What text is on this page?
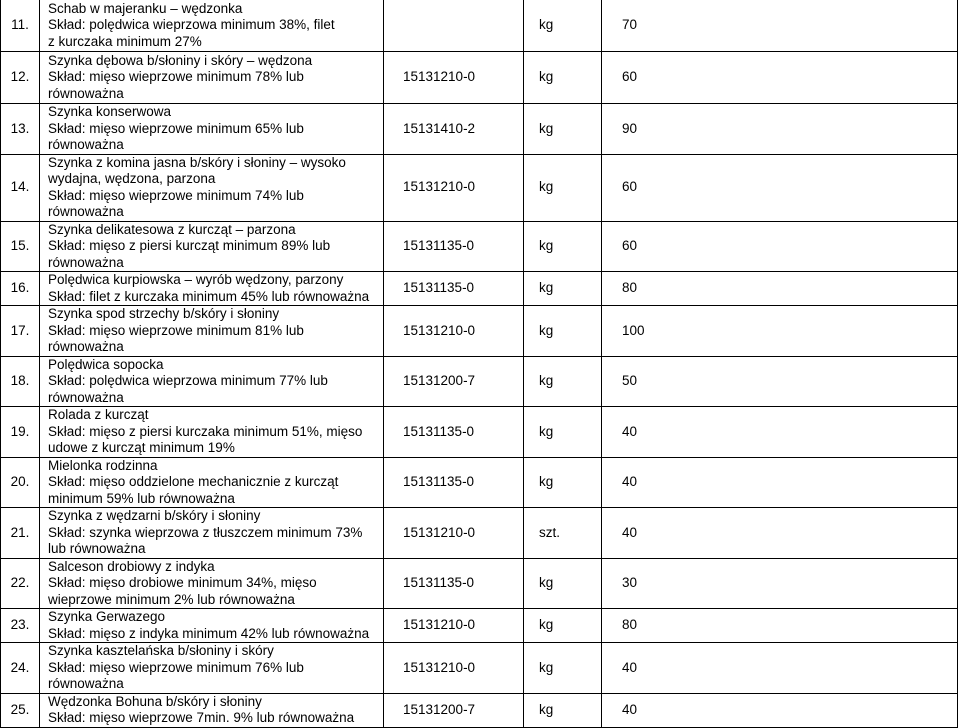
11.	Schab w majeranku – wędzonka
Skład: polędwica wieprzowa minimum 38%, filet
z kurczaka minimum 27%		kg	70
12.	Szynka dębowa b/słoniny i skóry – wędzona
Skład: mięso wieprzowe minimum 78% lub
równoważna	15131210-0	kg	60
13.	Szynka konserwowa
Skład: mięso wieprzowe minimum 65% lub
równoważna	15131410-2	kg	90
14.	Szynka z komina jasna b/skóry i słoniny – wysoko
wydajna, wędzona, parzona
Skład: mięso wieprzowe minimum 74% lub
równoważna	15131210-0	kg	60
15.	Szynka delikatesowa z kurcząt – parzona
Skład: mięso z piersi kurcząt minimum 89% lub
równoważna	15131135-0	kg	60
16.	Polędwica kurpiowska – wyrób wędzony, parzony
Skład: filet z kurczaka minimum 45% lub równoważna	15131135-0	kg	80
17.	Szynka spod strzechy b/skóry i słoniny
Skład: mięso wieprzowe minimum 81% lub
równoważna	15131210-0	kg	100
18.	Polędwica sopocka
Skład: polędwica wieprzowa minimum 77% lub
równoważna	15131200-7	kg	50
19.	Rolada z kurcząt
Skład: mięso z piersi kurczaka minimum 51%, mięso
udowe z kurcząt minimum 19%	15131135-0	kg	40
20.	Mielonka rodzinna
Skład: mięso oddzielone mechanicznie z kurcząt
minimum 59% lub równoważna	15131135-0	kg	40
21.	Szynka z wędzarni b/skóry i słoniny
Skład: szynka wieprzowa z tłuszczem minimum 73%
lub równoważna	15131210-0	szt.	40
22.	Salceson drobiowy z indyka
Skład: mięso drobiowe minimum 34%, mięso
wieprzowe minimum 2% lub równoważna	15131135-0	kg	30
23.	Szynka Gerwazego
Skład: mięso z indyka minimum 42% lub równoważna	15131210-0	kg	80
24.	Szynka kasztelańska b/słoniny i skóry
Skład: mięso wieprzowe minimum 76% lub
równoważna	15131210-0	kg	40
25.	Wędzonka Bohuna b/skóry i słoniny
Skład: mięso wieprzowe 7min. 9% lub równoważna	15131200-7	kg	40
